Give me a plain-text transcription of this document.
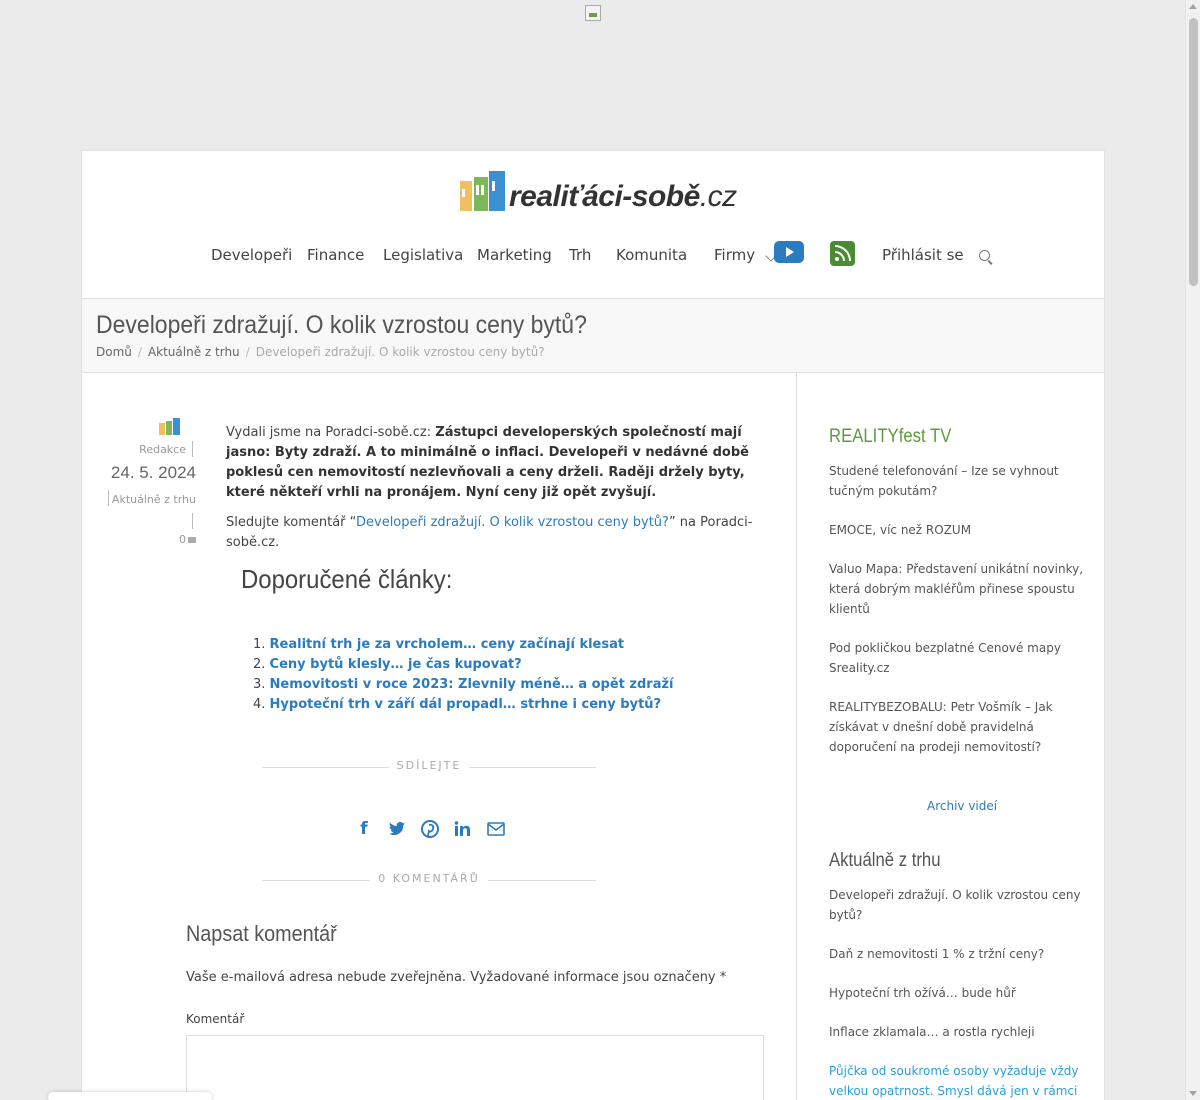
realiťáci-sobě.cz
Developeři Finance Legislativa Marketing Trh Komunita Firmy	Přihlásit se
Developeři zdražují. O kolik vzrostou ceny bytů?
Domů / Aktuálně z trhu / Developeři zdražují. O kolik vzrostou ceny bytů?
Redakce
24. 5. 2024
Aktuálně z trhu
0

Vydali jsme na Poradci-sobě.cz: Zástupci developerských společností mají jasno: Byty zdraží. A to minimálně o inflaci. Developeři v nedávné době poklesů cen nemovitostí nezlevňovali a ceny drželi. Raději držely byty, které někteří vrhli na pronájem. Nyní ceny již opět zvyšují.

Sledujte komentář “Developeři zdražují. O kolik vzrostou ceny bytů?” na Poradci-sobě.cz.

Doporučené články:
1. Realitní trh je za vrcholem… ceny začínají klesat
2. Ceny bytů klesly… je čas kupovat?
3. Nemovitosti v roce 2023: Zlevnily méně… a opět zdraží
4. Hypoteční trh v září dál propadl… strhne i ceny bytů?
SDÍLEJTE
f
0 KOMENTÁŘŮ
Napsat komentář
Vaše e-mailová adresa nebude zveřejněna. Vyžadované informace jsou označeny *
Komentář
REALITYfest TV
Studené telefonování – Ize se vyhnout tučným pokutám?
EMOCE, víc než ROZUM
Valuo Mapa: Představení unikátní novinky, která dobrým makléřům přinese spoustu klientů
Pod pokličkou bezplatné Cenové mapy Sreality.cz
REALITYBEZOBALU: Petr Vošmík – Jak získávat v dnešní době pravidelná doporučení na prodeji nemovitostí?
Archiv videí
Aktuálně z trhu
Developeři zdražují. O kolik vzrostou ceny bytů?
Daň z nemovitosti 1 % z tržní ceny?
Hypoteční trh ožívá… bude hůř
Inflace zklamala… a rostla rychleji
Půjčka od soukromé osoby vyžaduje vždy velkou opatrnost. Smysl dává jen v rámci
